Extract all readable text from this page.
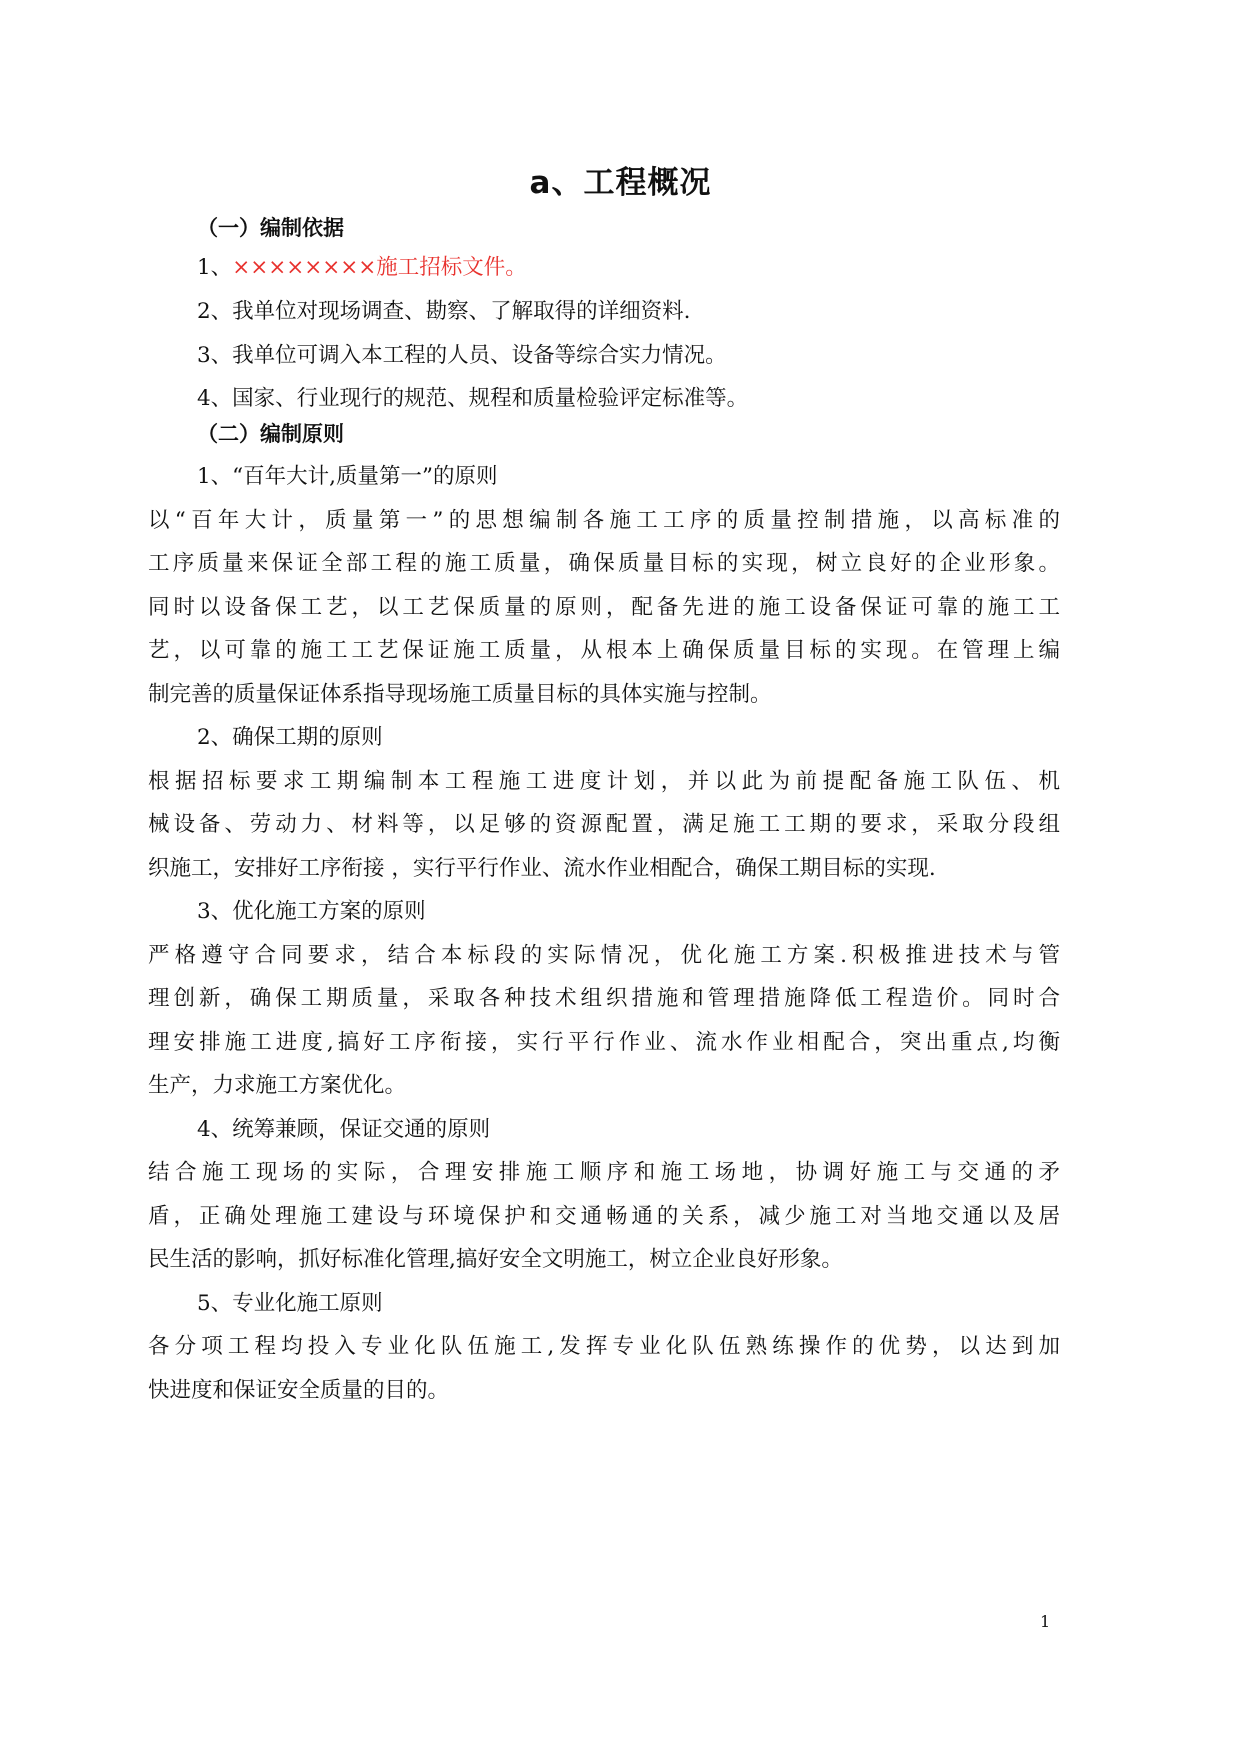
a、工程概况
（一）编制依据
1、××××××××施工招标文件。
2、我单位对现场调查、勘察、了解取得的详细资料.
3、我单位可调入本工程的人员、设备等综合实力情况。
4、国家、行业现行的规范、规程和质量检验评定标准等。
（二）编制原则
1、“百年大计,质量第一”的原则
以“百年大计，质量第一”的思想编制各施工工序的质量控制措施，以高标准的
工序质量来保证全部工程的施工质量，确保质量目标的实现，树立良好的企业形象。
同时以设备保工艺，以工艺保质量的原则，配备先进的施工设备保证可靠的施工工
艺，以可靠的施工工艺保证施工质量，从根本上确保质量目标的实现。在管理上编
制完善的质量保证体系指导现场施工质量目标的具体实施与控制。
2、确保工期的原则
根据招标要求工期编制本工程施工进度计划，并以此为前提配备施工队伍、机
械设备、劳动力、材料等，以足够的资源配置，满足施工工期的要求，采取分段组
织施工，安排好工序衔接 ，实行平行作业、流水作业相配合，确保工期目标的实现.
3、优化施工方案的原则
严格遵守合同要求，结合本标段的实际情况，优化施工方案.积极推进技术与管
理创新，确保工期质量，采取各种技术组织措施和管理措施降低工程造价。同时合
理安排施工进度,搞好工序衔接，实行平行作业、流水作业相配合，突出重点,均衡
生产，力求施工方案优化。
4、统筹兼顾，保证交通的原则
结合施工现场的实际，合理安排施工顺序和施工场地，协调好施工与交通的矛
盾，正确处理施工建设与环境保护和交通畅通的关系，减少施工对当地交通以及居
民生活的影响，抓好标准化管理,搞好安全文明施工，树立企业良好形象。
5、专业化施工原则
各分项工程均投入专业化队伍施工,发挥专业化队伍熟练操作的优势，以达到加
快进度和保证安全质量的目的。
1
